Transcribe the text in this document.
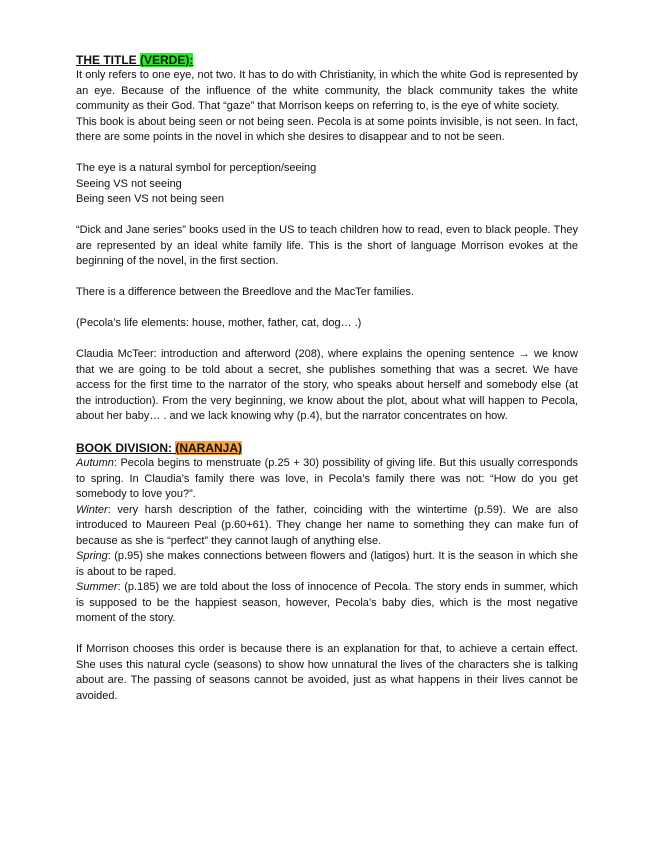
THE TITLE (VERDE):

It only refers to one eye, not two. It has to do with Christianity, in which the white God is represented by an eye. Because of the influence of the white community, the black community takes the white community as their God. That “gaze” that Morrison keeps on referring to, is the eye of white society.

This book is about being seen or not being seen. Pecola is at some points invisible, is not seen. In fact, there are some points in the novel in which she desires to disappear and to not be seen.

The eye is a natural symbol for perception/seeing
Seeing VS not seeing
Being seen VS not being seen

“Dick and Jane series” books used in the US to teach children how to read, even to black people. They are represented by an ideal white family life. This is the short of language Morrison evokes at the beginning of the novel, in the first section.

There is a difference between the Breedlove and the MacTer families.

(Pecola’s life elements: house, mother, father, cat, dog… .)

Claudia McTeer: introduction and afterword (208), where explains the opening sentence → we know that we are going to be told about a secret, she publishes something that was a secret. We have access for the first time to the narrator of the story, who speaks about herself and somebody else (at the introduction). From the very beginning, we know about the plot, about what will happen to Pecola, about her baby… . and we lack knowing why (p.4), but the narrator concentrates on how.

BOOK DIVISION: (NARANJA)

Autumn: Pecola begins to menstruate (p.25 + 30) possibility of giving life. But this usually corresponds to spring. In Claudia’s family there was love, in Pecola’s family there was not: “How do you get somebody to love you?”.

Winter: very harsh description of the father, coinciding with the wintertime (p.59). We are also introduced to Maureen Peal (p.60+61). They change her name to something they can make fun of because as she is “perfect” they cannot laugh of anything else.

Spring: (p.95) she makes connections between flowers and (latigos) hurt. It is the season in which she is about to be raped.

Summer: (p.185) we are told about the loss of innocence of Pecola. The story ends in summer, which is supposed to be the happiest season, however, Pecola’s baby dies, which is the most negative moment of the story.

If Morrison chooses this order is because there is an explanation for that, to achieve a certain effect. She uses this natural cycle (seasons) to show how unnatural the lives of the characters she is talking about are. The passing of seasons cannot be avoided, just as what happens in their lives cannot be avoided.
